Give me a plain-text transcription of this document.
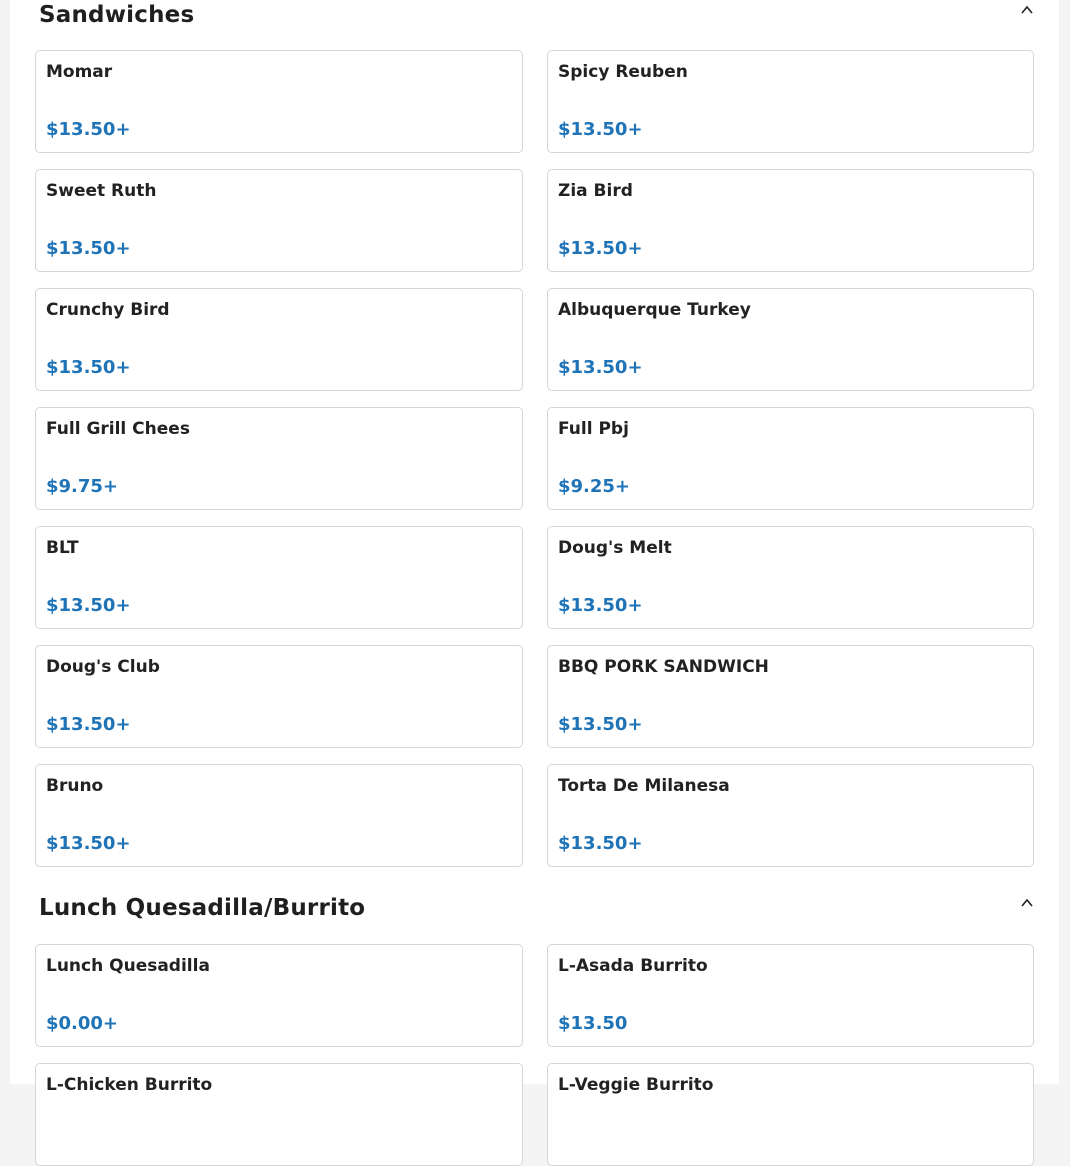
Sandwiches
Momar
$13.50+
Spicy Reuben
$13.50+
Sweet Ruth
$13.50+
Zia Bird
$13.50+
Crunchy Bird
$13.50+
Albuquerque Turkey
$13.50+
Full Grill Chees
$9.75+
Full Pbj
$9.25+
BLT
$13.50+
Doug's Melt
$13.50+
Doug's Club
$13.50+
BBQ PORK SANDWICH
$13.50+
Bruno
$13.50+
Torta De Milanesa
$13.50+
Lunch Quesadilla/Burrito
Lunch Quesadilla
$0.00+
L-Asada Burrito
$13.50
L-Chicken Burrito	L-Veggie Burrito
